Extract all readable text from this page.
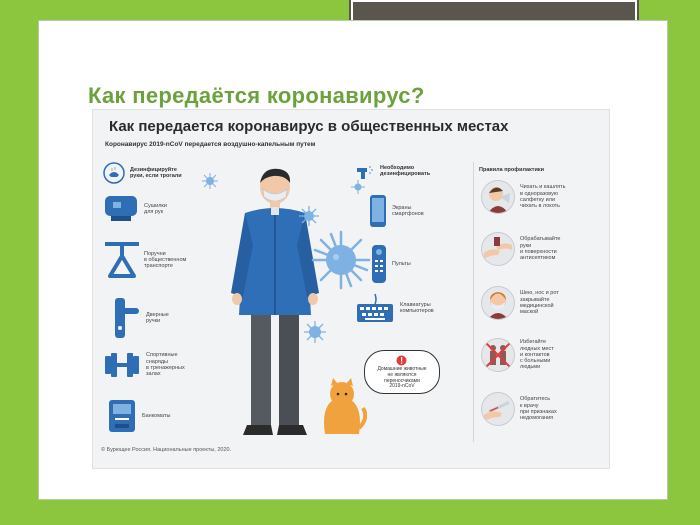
Как передаётся коронавирус?
Как передается коронавирус в общественных местах
Коронавирус 2019-nCoV передается воздушно-капельным путем
Дезинфицируйте
руки, если трогали
Сушилки
для рук
Поручни
в общественном
транспорте
Дверные
ручки
Спортивные
снаряды
в тренажерных
залах
Банкоматы
Домашние животные
не являются
переносчиками
2019-nCoV
Необходимо
дезинфицировать
Экраны
смартфонов
Пульты
Клавиатуры
компьютеров
Правила профилактики
Чихать и кашлять
в одноразовую
салфетку или
чихать в локоть
Обрабатывайте
руки
и поверхности
антисептиком
Шею, нос и рот
закрывайте
медицинской
маской
Избегайте
людных мест
и контактов
с больными
людьми
Обратитесь
к врачу
при признаках
недомогания
© Бурющее Россия. Национальные проекты, 2020.
